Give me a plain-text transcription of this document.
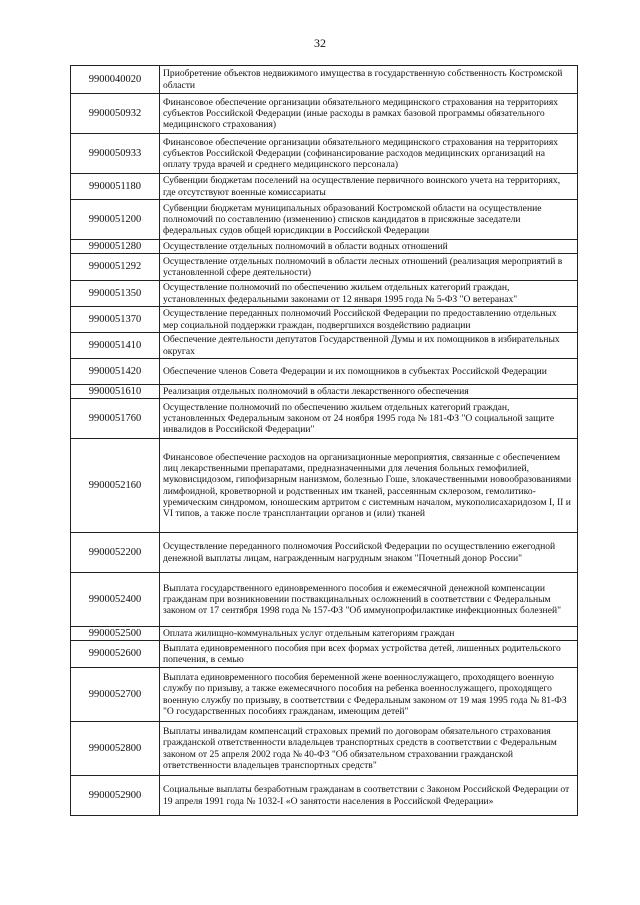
32
9900040020	Приобретение объектов недвижимого имущества в государственную собственность Костромской области
9900050932	Финансовое обеспечение организации обязательного медицинского страхования на территориях субъектов Российской Федерации (иные расходы в рамках базовой программы обязательного медицинского страхования)
9900050933	Финансовое обеспечение организации обязательного медицинского страхования на территориях субъектов Российской Федерации (софинансирование расходов медицинских организаций на оплату труда врачей и среднего медицинского персонала)
9900051180	Субвенции бюджетам поселений на осуществление первичного воинского учета на территориях, где отсутствуют военные комиссариаты
9900051200	Субвенции бюджетам муниципальных образований Костромской области на осуществление полномочий по составлению (изменению) списков кандидатов в присяжные заседатели федеральных судов общей юрисдикции в Российской Федерации
9900051280	Осуществление отдельных полномочий в области водных отношений
9900051292	Осуществление отдельных полномочий в области лесных отношений (реализация мероприятий в установленной сфере деятельности)
9900051350	Осуществление полномочий по обеспечению жильем отдельных категорий граждан, установленных федеральными законами от 12 января 1995 года № 5-ФЗ "О ветеранах"
9900051370	Осуществление переданных полномочий Российской Федерации по предоставлению отдельных мер социальной поддержки граждан, подвергшихся воздействию радиации
9900051410	Обеспечение деятельности депутатов Государственной Думы и их помощников в избирательных округах
9900051420	Обеспечение членов Совета Федерации и их помощников в субъектах Российской Федерации
9900051610	Реализация отдельных полномочий в области лекарственного обеспечения
9900051760	Осуществление полномочий по обеспечению жильем отдельных категорий граждан, установленных Федеральным законом от 24 ноября 1995 года № 181-ФЗ "О социальной защите инвалидов в Российской Федерации"
9900052160	Финансовое обеспечение расходов на организационные мероприятия, связанные с обеспечением лиц лекарственными препаратами, предназначенными для лечения больных гемофилией, муковисцидозом, гипофизарным нанизмом, болезнью Гоше, злокачественными новообразованиями лимфоидной, кроветворной и родственных им тканей, рассеянным склерозом, гемолитико-уремическим синдромом, юношеским артритом с системным началом, мукополисахаридозом I, II и VI типов, а также после трансплантации органов и (или) тканей
9900052200	Осуществление переданного полномочия Российской Федерации по осуществлению ежегодной денежной выплаты лицам, награжденным нагрудным знаком "Почетный донор России"
9900052400	Выплата государственного единовременного пособия и ежемесячной денежной компенсации гражданам при возникновении поствакцинальных осложнений в соответствии с Федеральным законом от 17 сентября 1998 года № 157-ФЗ "Об иммунопрофилактике инфекционных болезней"
9900052500	Оплата жилищно-коммунальных услуг отдельным категориям граждан
9900052600	Выплата единовременного пособия при всех формах устройства детей, лишенных родительского попечения, в семью
9900052700	Выплата единовременного пособия беременной жене военнослужащего, проходящего военную службу по призыву, а также ежемесячного пособия на ребенка военнослужащего, проходящего военную службу по призыву, в соответствии с Федеральным законом от 19 мая 1995 года № 81-ФЗ "О государственных пособиях гражданам, имеющим детей"
9900052800	Выплаты инвалидам компенсаций страховых премий по договорам обязательного страхования гражданской ответственности владельцев транспортных средств в соответствии с Федеральным законом от 25 апреля 2002 года № 40-ФЗ "Об обязательном страховании гражданской ответственности владельцев транспортных средств"
9900052900	Социальные выплаты безработным гражданам в соответствии с Законом Российской Федерации от 19 апреля 1991 года № 1032-I «О занятости населения в Российской Федерации»
